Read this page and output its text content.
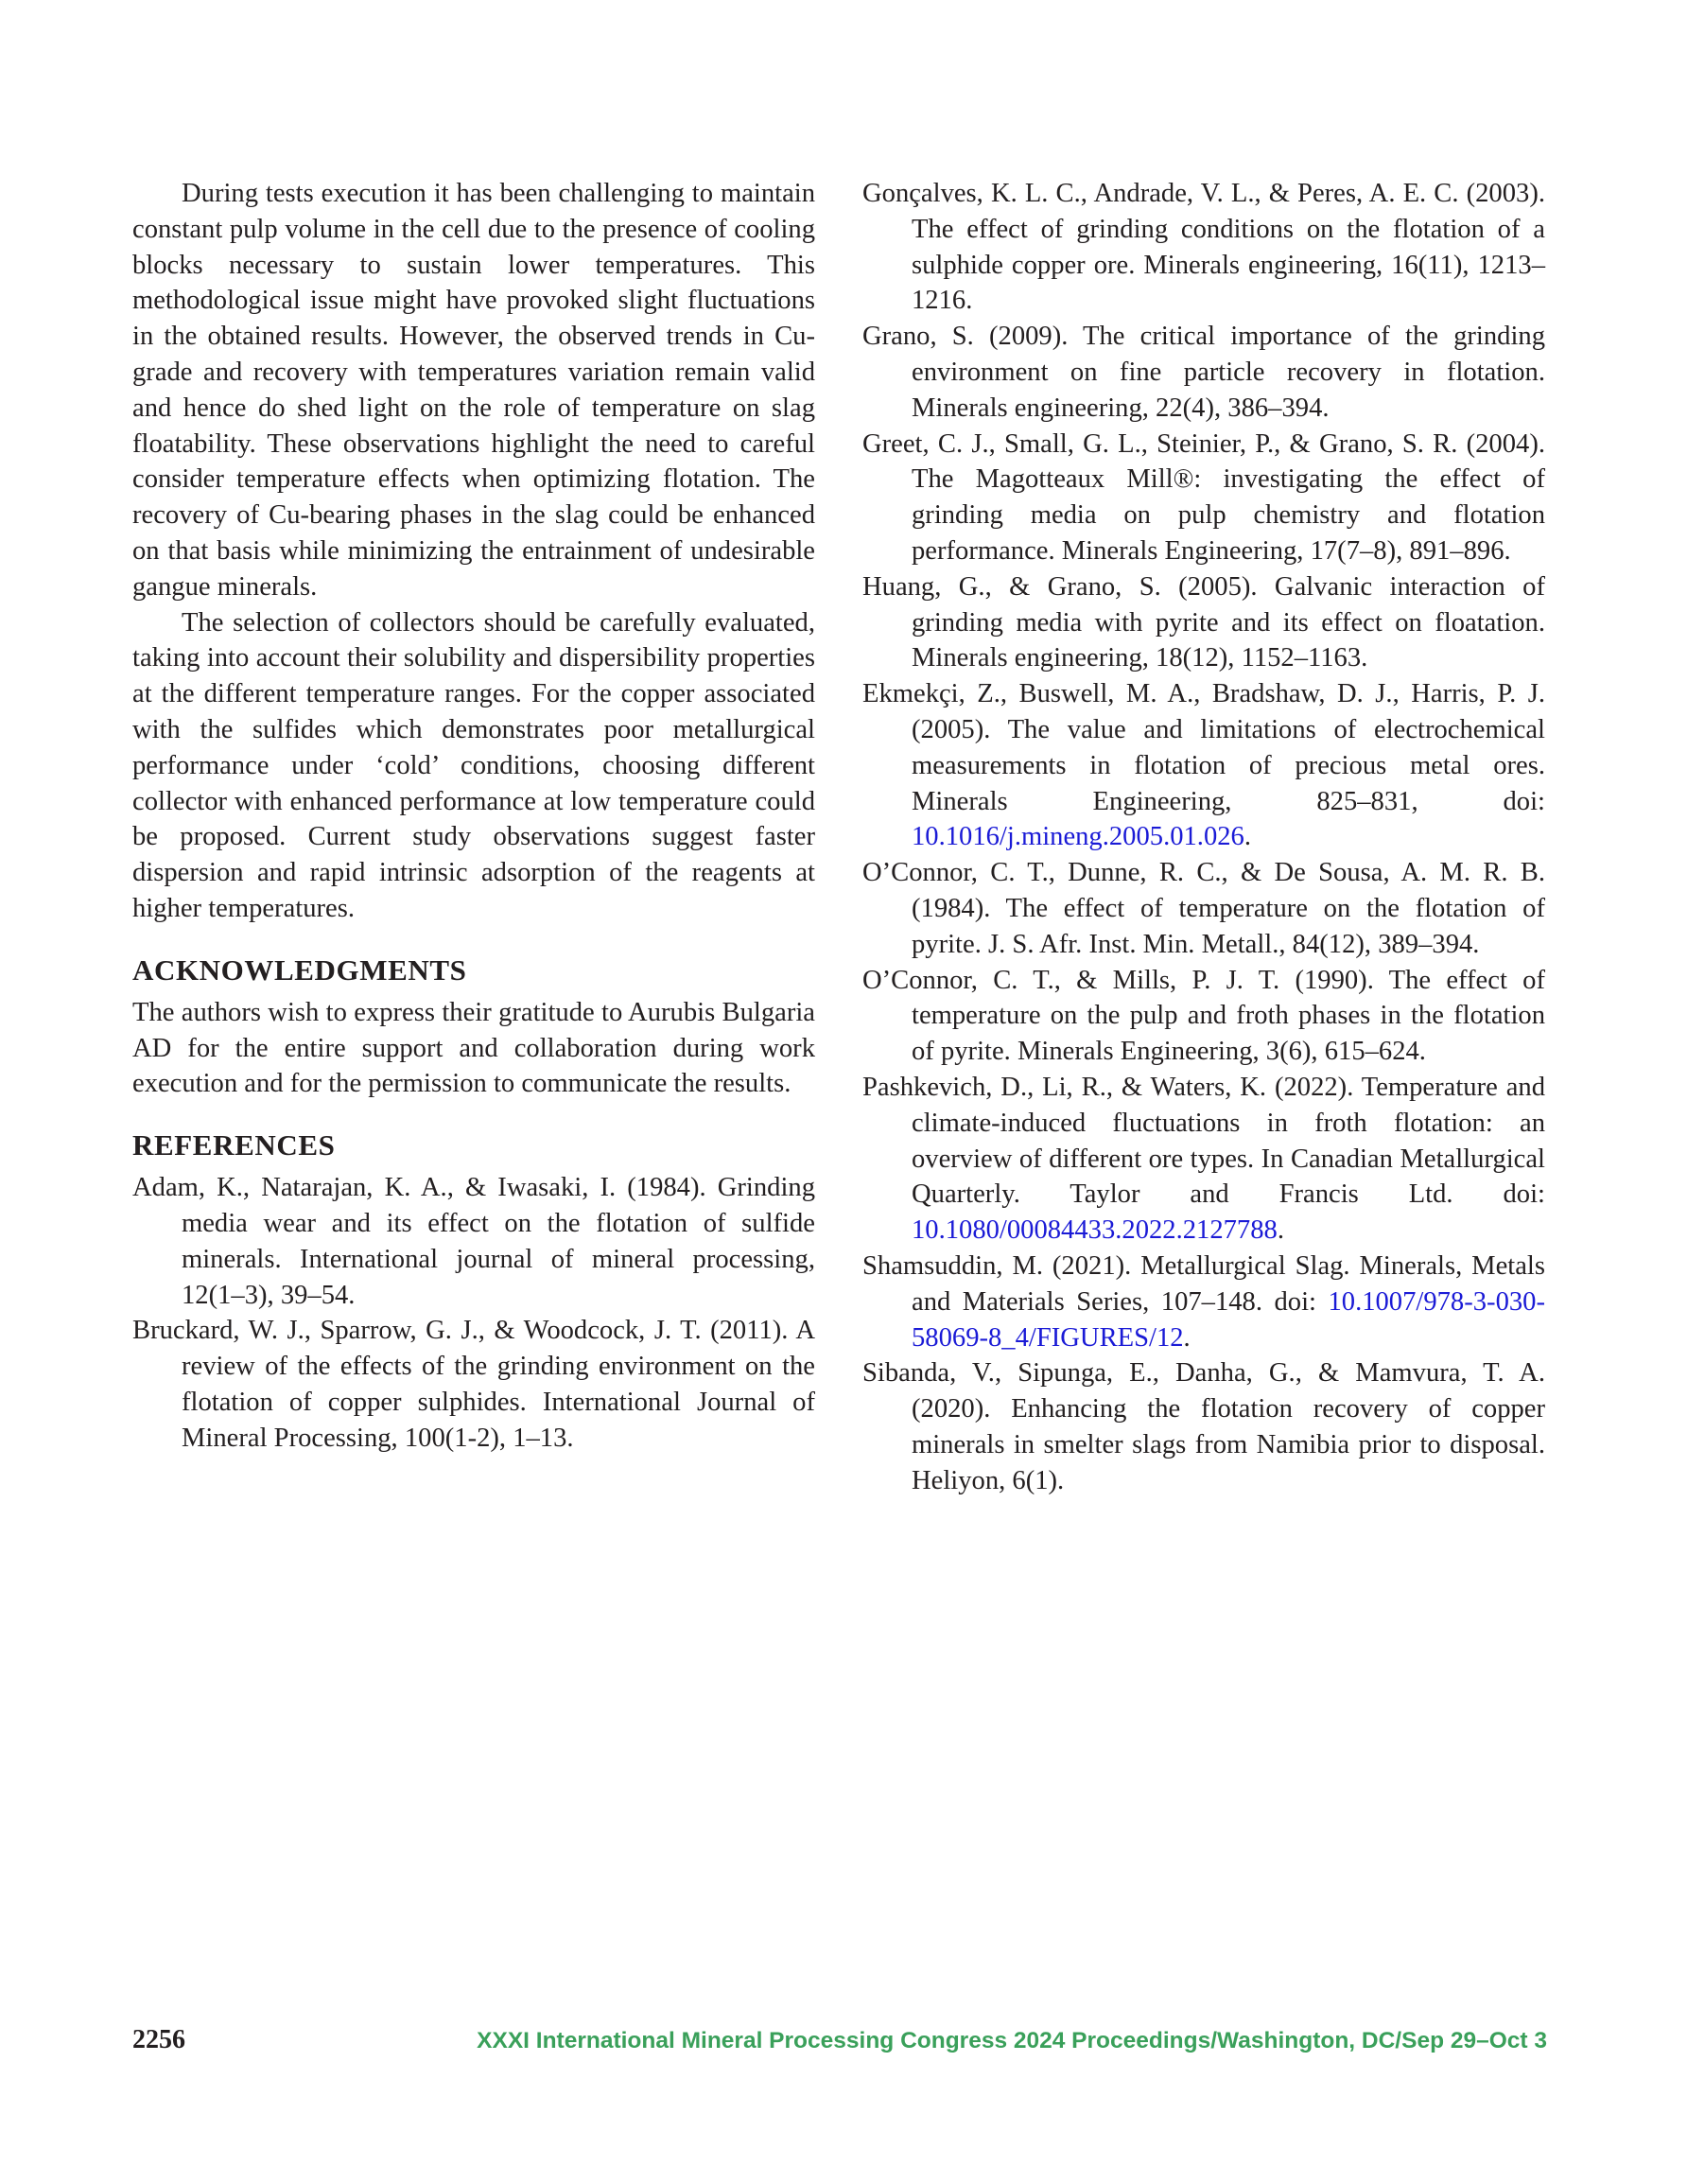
During tests execution it has been challenging to maintain constant pulp volume in the cell due to the presence of cooling blocks necessary to sustain lower temperatures. This methodological issue might have provoked slight fluctuations in the obtained results. However, the observed trends in Cu-grade and recovery with temperatures variation remain valid and hence do shed light on the role of temperature on slag floatability. These observations highlight the need to careful consider temperature effects when optimizing flotation. The recovery of Cu-bearing phases in the slag could be enhanced on that basis while minimizing the entrainment of undesirable gangue minerals.

The selection of collectors should be carefully evaluated, taking into account their solubility and dispersibility properties at the different temperature ranges. For the copper associated with the sulfides which demonstrates poor metallurgical performance under ‘cold’ conditions, choosing different collector with enhanced performance at low temperature could be proposed. Current study observations suggest faster dispersion and rapid intrinsic adsorption of the reagents at higher temperatures.

ACKNOWLEDGMENTS

The authors wish to express their gratitude to Aurubis Bulgaria AD for the entire support and collaboration during work execution and for the permission to communicate the results.

REFERENCES

Adam, K., Natarajan, K. A., & Iwasaki, I. (1984). Grinding media wear and its effect on the flotation of sulfide minerals. International journal of mineral processing, 12(1–3), 39–54.

Bruckard, W. J., Sparrow, G. J., & Woodcock, J. T. (2011). A review of the effects of the grinding environment on the flotation of copper sulphides. International Journal of Mineral Processing, 100(1-2), 1–13.

Gonçalves, K. L. C., Andrade, V. L., & Peres, A. E. C. (2003). The effect of grinding conditions on the flotation of a sulphide copper ore. Minerals engineering, 16(11), 1213–1216.

Grano, S. (2009). The critical importance of the grinding environment on fine particle recovery in flotation. Minerals engineering, 22(4), 386–394.

Greet, C. J., Small, G. L., Steinier, P., & Grano, S. R. (2004). The Magotteaux Mill®: investigating the effect of grinding media on pulp chemistry and flotation performance. Minerals Engineering, 17(7–8), 891–896.

Huang, G., & Grano, S. (2005). Galvanic interaction of grinding media with pyrite and its effect on floatation. Minerals engineering, 18(12), 1152–1163.

Ekmekçi, Z., Buswell, M. A., Bradshaw, D. J., Harris, P. J. (2005). The value and limitations of electrochemical measurements in flotation of precious metal ores. Minerals Engineering, 825–831, doi: 10.1016/j.mineng.2005.01.026.

O’Connor, C. T., Dunne, R. C., & De Sousa, A. M. R. B. (1984). The effect of temperature on the flotation of pyrite. J. S. Afr. Inst. Min. Metall., 84(12), 389–394.

O’Connor, C. T., & Mills, P. J. T. (1990). The effect of temperature on the pulp and froth phases in the flotation of pyrite. Minerals Engineering, 3(6), 615–624.

Pashkevich, D., Li, R., & Waters, K. (2022). Temperature and climate-induced fluctuations in froth flotation: an overview of different ore types. In Canadian Metallurgical Quarterly. Taylor and Francis Ltd. doi: 10.1080/00084433.2022.2127788.

Shamsuddin, M. (2021). Metallurgical Slag. Minerals, Metals and Materials Series, 107–148. doi: 10.1007/978-3-030-58069-8_4/FIGURES/12.

Sibanda, V., Sipunga, E., Danha, G., & Mamvura, T. A. (2020). Enhancing the flotation recovery of copper minerals in smelter slags from Namibia prior to disposal. Heliyon, 6(1).

2256	XXXI International Mineral Processing Congress 2024 Proceedings/Washington, DC/Sep 29–Oct 3
